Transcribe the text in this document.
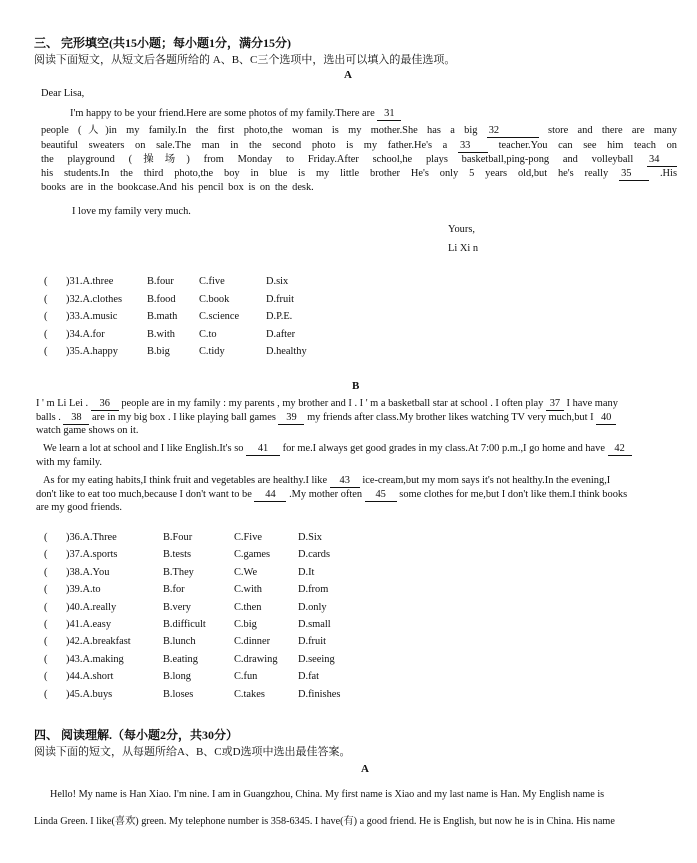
三、 完形填空(共15小题；每小题1分，满分15分)
阅读下面短文，从短文后各题所给的 A、B、C三个选项中，选出可以填入的最佳选项。
A
Dear Lisa,
I'm happy to be your friend.Here are some photos of my family.There are 31
people (人)in my family.In the first photo,the woman is my mother.She has a big 32	store and there are many
beautiful sweaters on sale.The man in the second photo is my father.He's a 33	teacher.You can see him teach on
the playground (操场) from Monday to Friday.After school,he plays basketball,ping-pong and volleyball 34
his students.In the third photo,the boy in blue is my little brother He's only 5 years old,but he's really 35	.His
books are in the bookcase.And his pencil box is on the desk.
I love my family very much.
Yours,
Li Xi n
( )31.A.three	B.four C.five	D.six
( )32.A.clothes B.food C.book	D.fruit
( )33.A.music	B.math C.science	D.P.E.
( )34.A.for	B.with C.to	D.after
( )35.A.happy	B.big	C.tidy	D.healthy
B
I ' m Li Lei . 36 people are in my family : my parents , my brother and I . I ' m a basketball star at school . I often play 37 I have many
balls . 38 are in my big box . I like playing ball games 39 my friends after class.My brother likes watching TV very much,but I 40
watch game shows on it.
We learn a lot at school and I like English.It's so 41 for me.I always get good grades in my class.At 7:00 p.m.,I go home and have 42
with my family.
As for my eating habits,I think fruit and vegetables are healthy.I like 43 ice-cream,but my mom says it's not healthy.In the evening,I
don't like to eat too much,because I don't want to be 44 .My mother often 45 some clothes for me,but I don't like them.I think books
are my good friends.
( )36.A.Three	B.Four	C.Five	D.Six
( )37.A.sports	B.tests	C.games	D.cards
( )38.A.You	B.They	C.We	D.It
( )39.A.to	B.for	C.with	D.from
( )40.A.really	B.very	C.then	D.only
( )41.A.easy	B.difficult	C.big	D.small
( )42.A.breakfast	B.lunch	C.dinner	D.fruit
( )43.A.making	B.eating	C.drawing D.seeing
( )44.A.short	B.long	C.fun	D.fat
( )45.A.buys	B.loses	C.takes	D.finishes
四、 阅读理解.（每小题2分，共30分）
阅读下面的短文，从每题所给A、B、C或D选项中选出最佳答案。
A
Hello! My name is Han Xiao. I'm nine. I am in Guangzhou, China. My first name is Xiao and my last name is Han. My English name is
Linda Green. I like(喜欢) green. My telephone number is 358-6345. I have(有) a good friend. He is English, but now he is in China. His name
